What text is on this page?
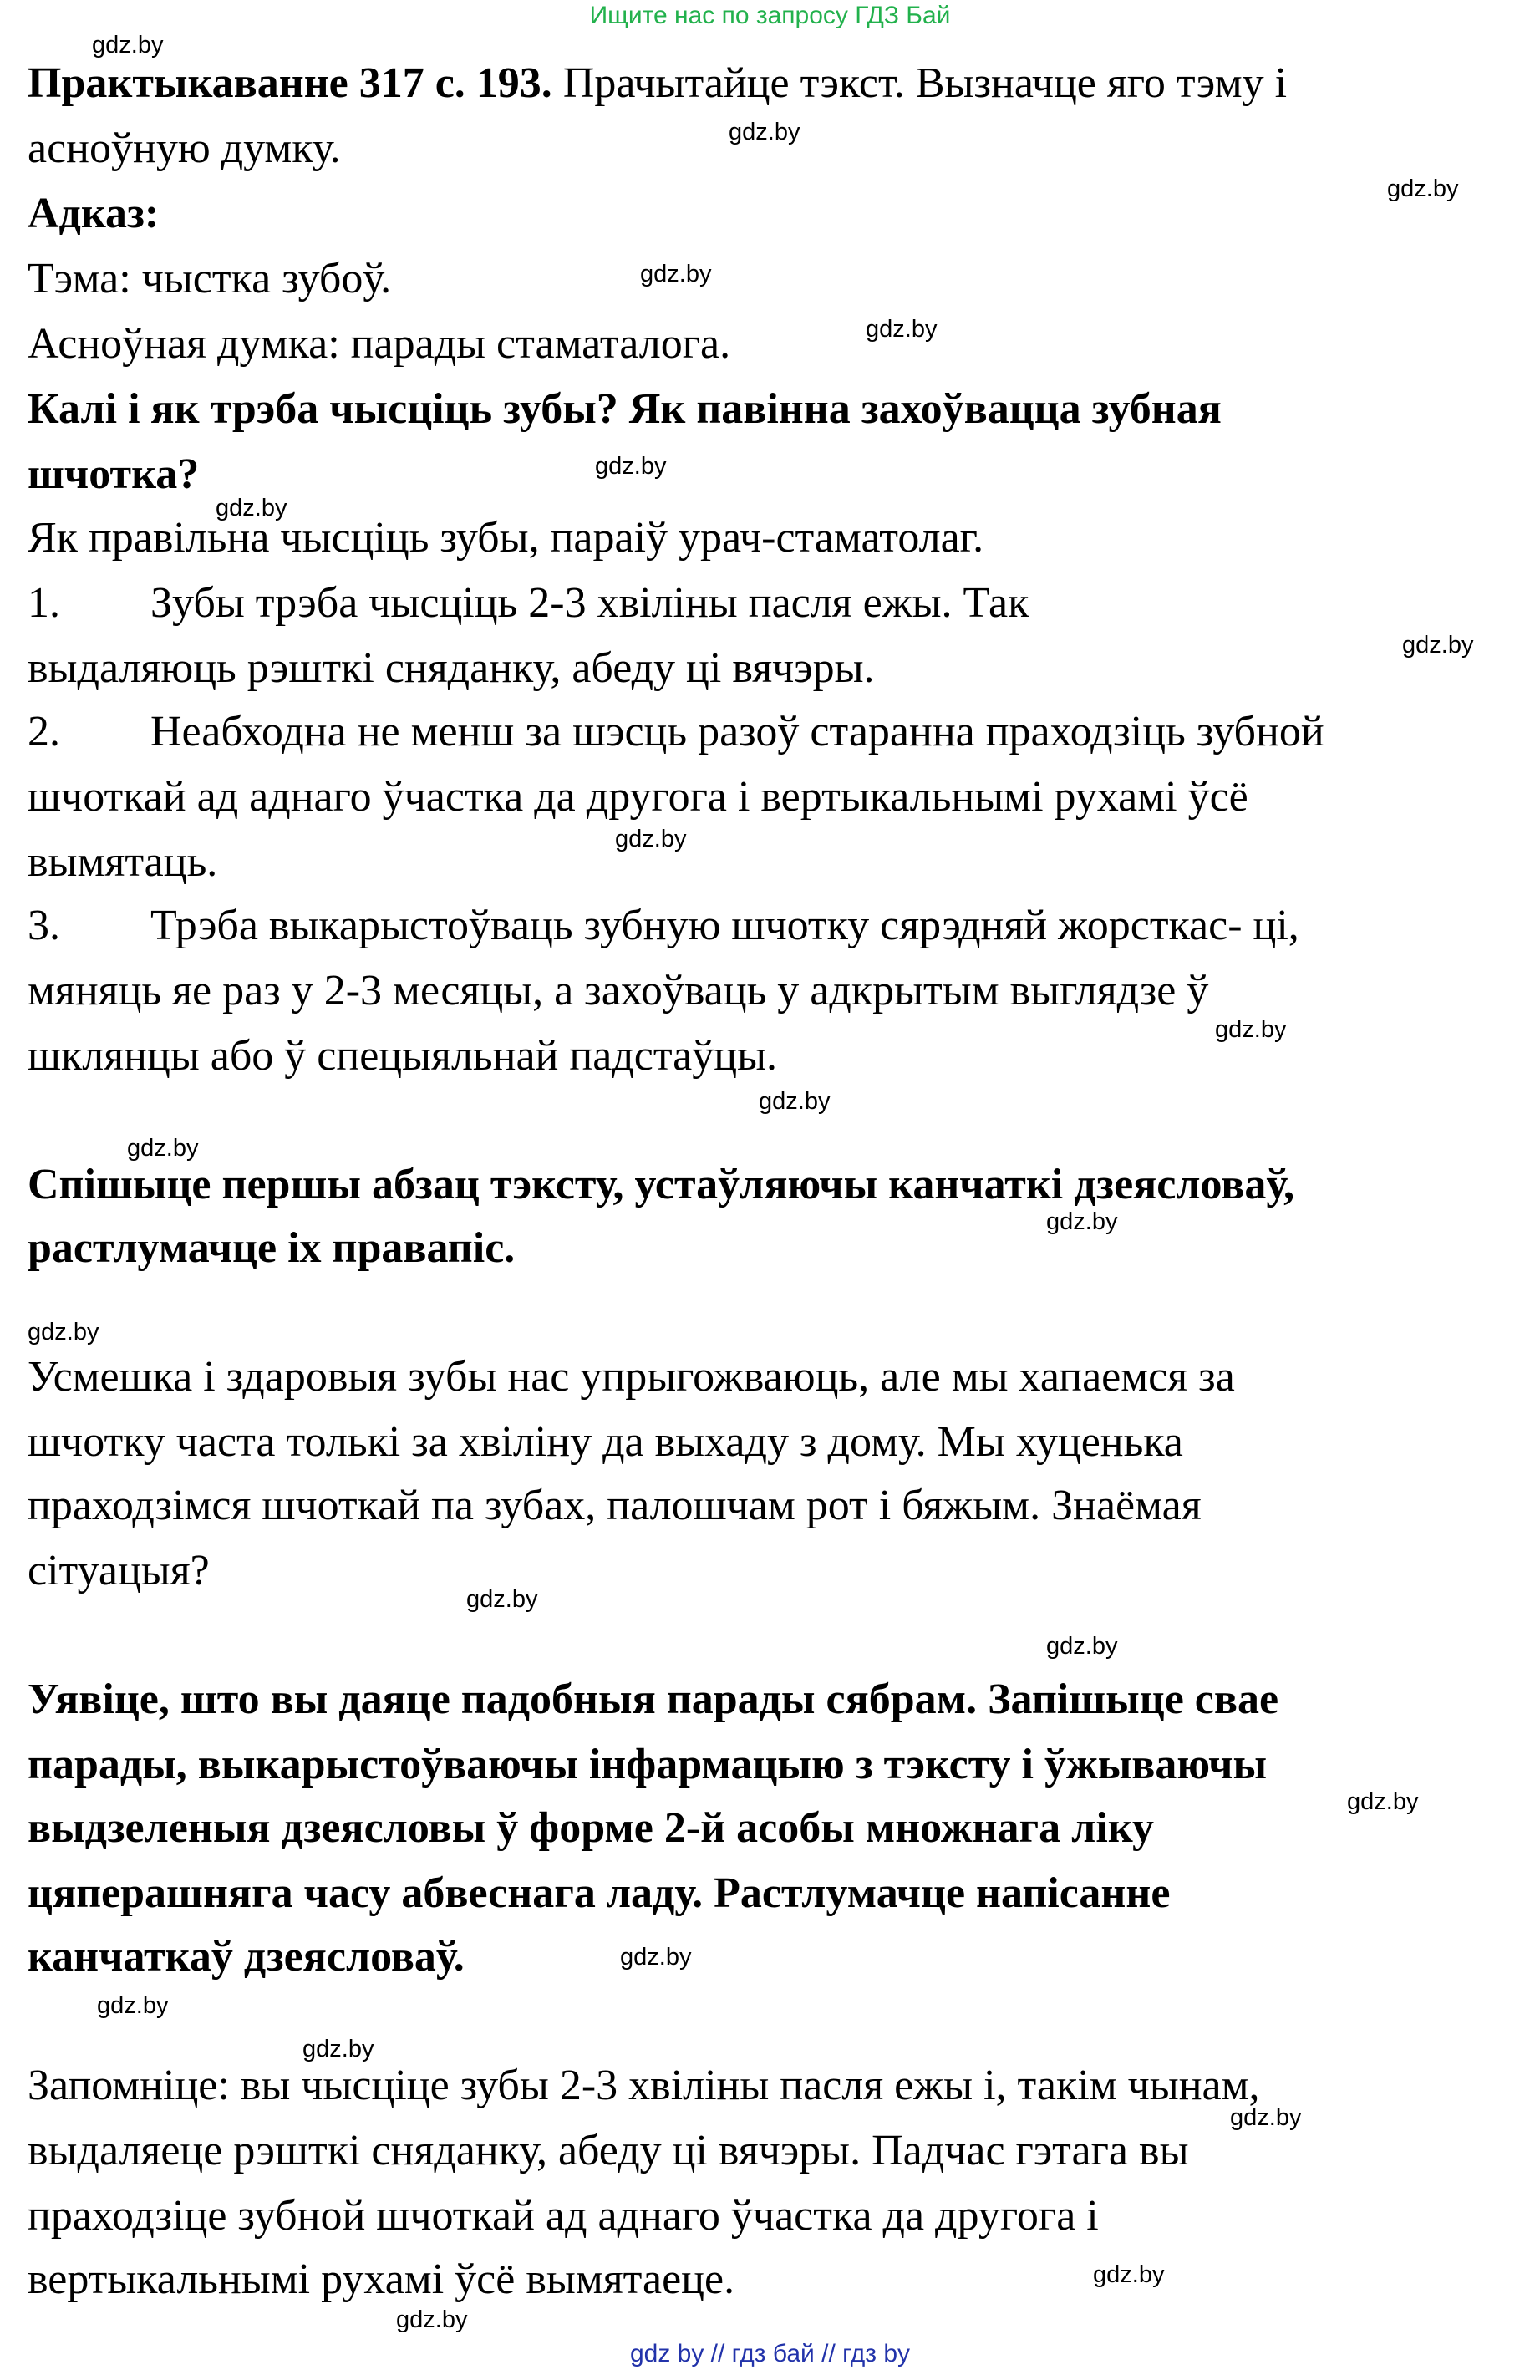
Ищите нас по запросу ГДЗ Бай
Практыкаванне 317 с. 193. Прачытайце тэкст. Вызначце яго тэму і
асноўную думку.
Адказ:
Тэма: чыстка зубоў.
Асноўная думка: парады стаматалога.
Калі і як трэба чысціць зубы? Як павінна захоўвацца зубная
шчотка?
Як правільна чысціць зубы, параіў урач-стаматолаг.
1. Зубы трэба чысціць 2-3 хвіліны пасля ежы. Так
выдаляюць рэшткі сняданку, абеду ці вячэры.
2. Неабходна не менш за шэсць разоў старанна праходзіць зубной
шчоткай ад аднаго ўчастка да другога і вертыкальнымі рухамі ўсё
вымятаць.
3. Трэба выкарыстоўваць зубную шчотку сярэдняй жорсткас- ці,
мяняць яе раз у 2-3 месяцы, а захоўваць у адкрытым выглядзе ў
шклянцы або ў спецыяльнай падстаўцы.
Спішыце першы абзац тэксту, устаўляючы канчаткі дзеясловаў,
растлумачце іх правапіс.
Усмешка і здаровыя зубы нас упрыгожваюць, але мы хапаемся за
шчотку часта толькі за хвіліну да выхаду з дому. Мы хуценька
праходзімся шчоткай па зубах, палошчам рот і бяжым. Знаёмая
сітуацыя?
Уявіце, што вы даяце падобныя парады сябрам. Запішыце свае
парады, выкарыстоўваючы інфармацыю з тэксту і ўжываючы
выдзеленыя дзеясловы ў форме 2-й асобы множнага ліку
цяперашняга часу абвеснага ладу. Растлумачце напісанне
канчаткаў дзеясловаў.
Запомніце: вы чысціце зубы 2-3 хвіліны пасля ежы і, такім чынам,
выдаляеце рэшткі сняданку, абеду ці вячэры. Падчас гэтага вы
праходзіце зубной шчоткай ад аднаго ўчастка да другога і
вертыкальнымі рухамі ўсё вымятаеце.
gdz.by
gdz.by
gdz.by
gdz.by
gdz.by
gdz.by
gdz.by
gdz.by
gdz.by
gdz.by
gdz.by
gdz.by
gdz.by
gdz.by
gdz.by
gdz.by
gdz.by
gdz.by
gdz.by
gdz.by
gdz.by
gdz.by
gdz.by
gdz by // гдз бай // гдз by
